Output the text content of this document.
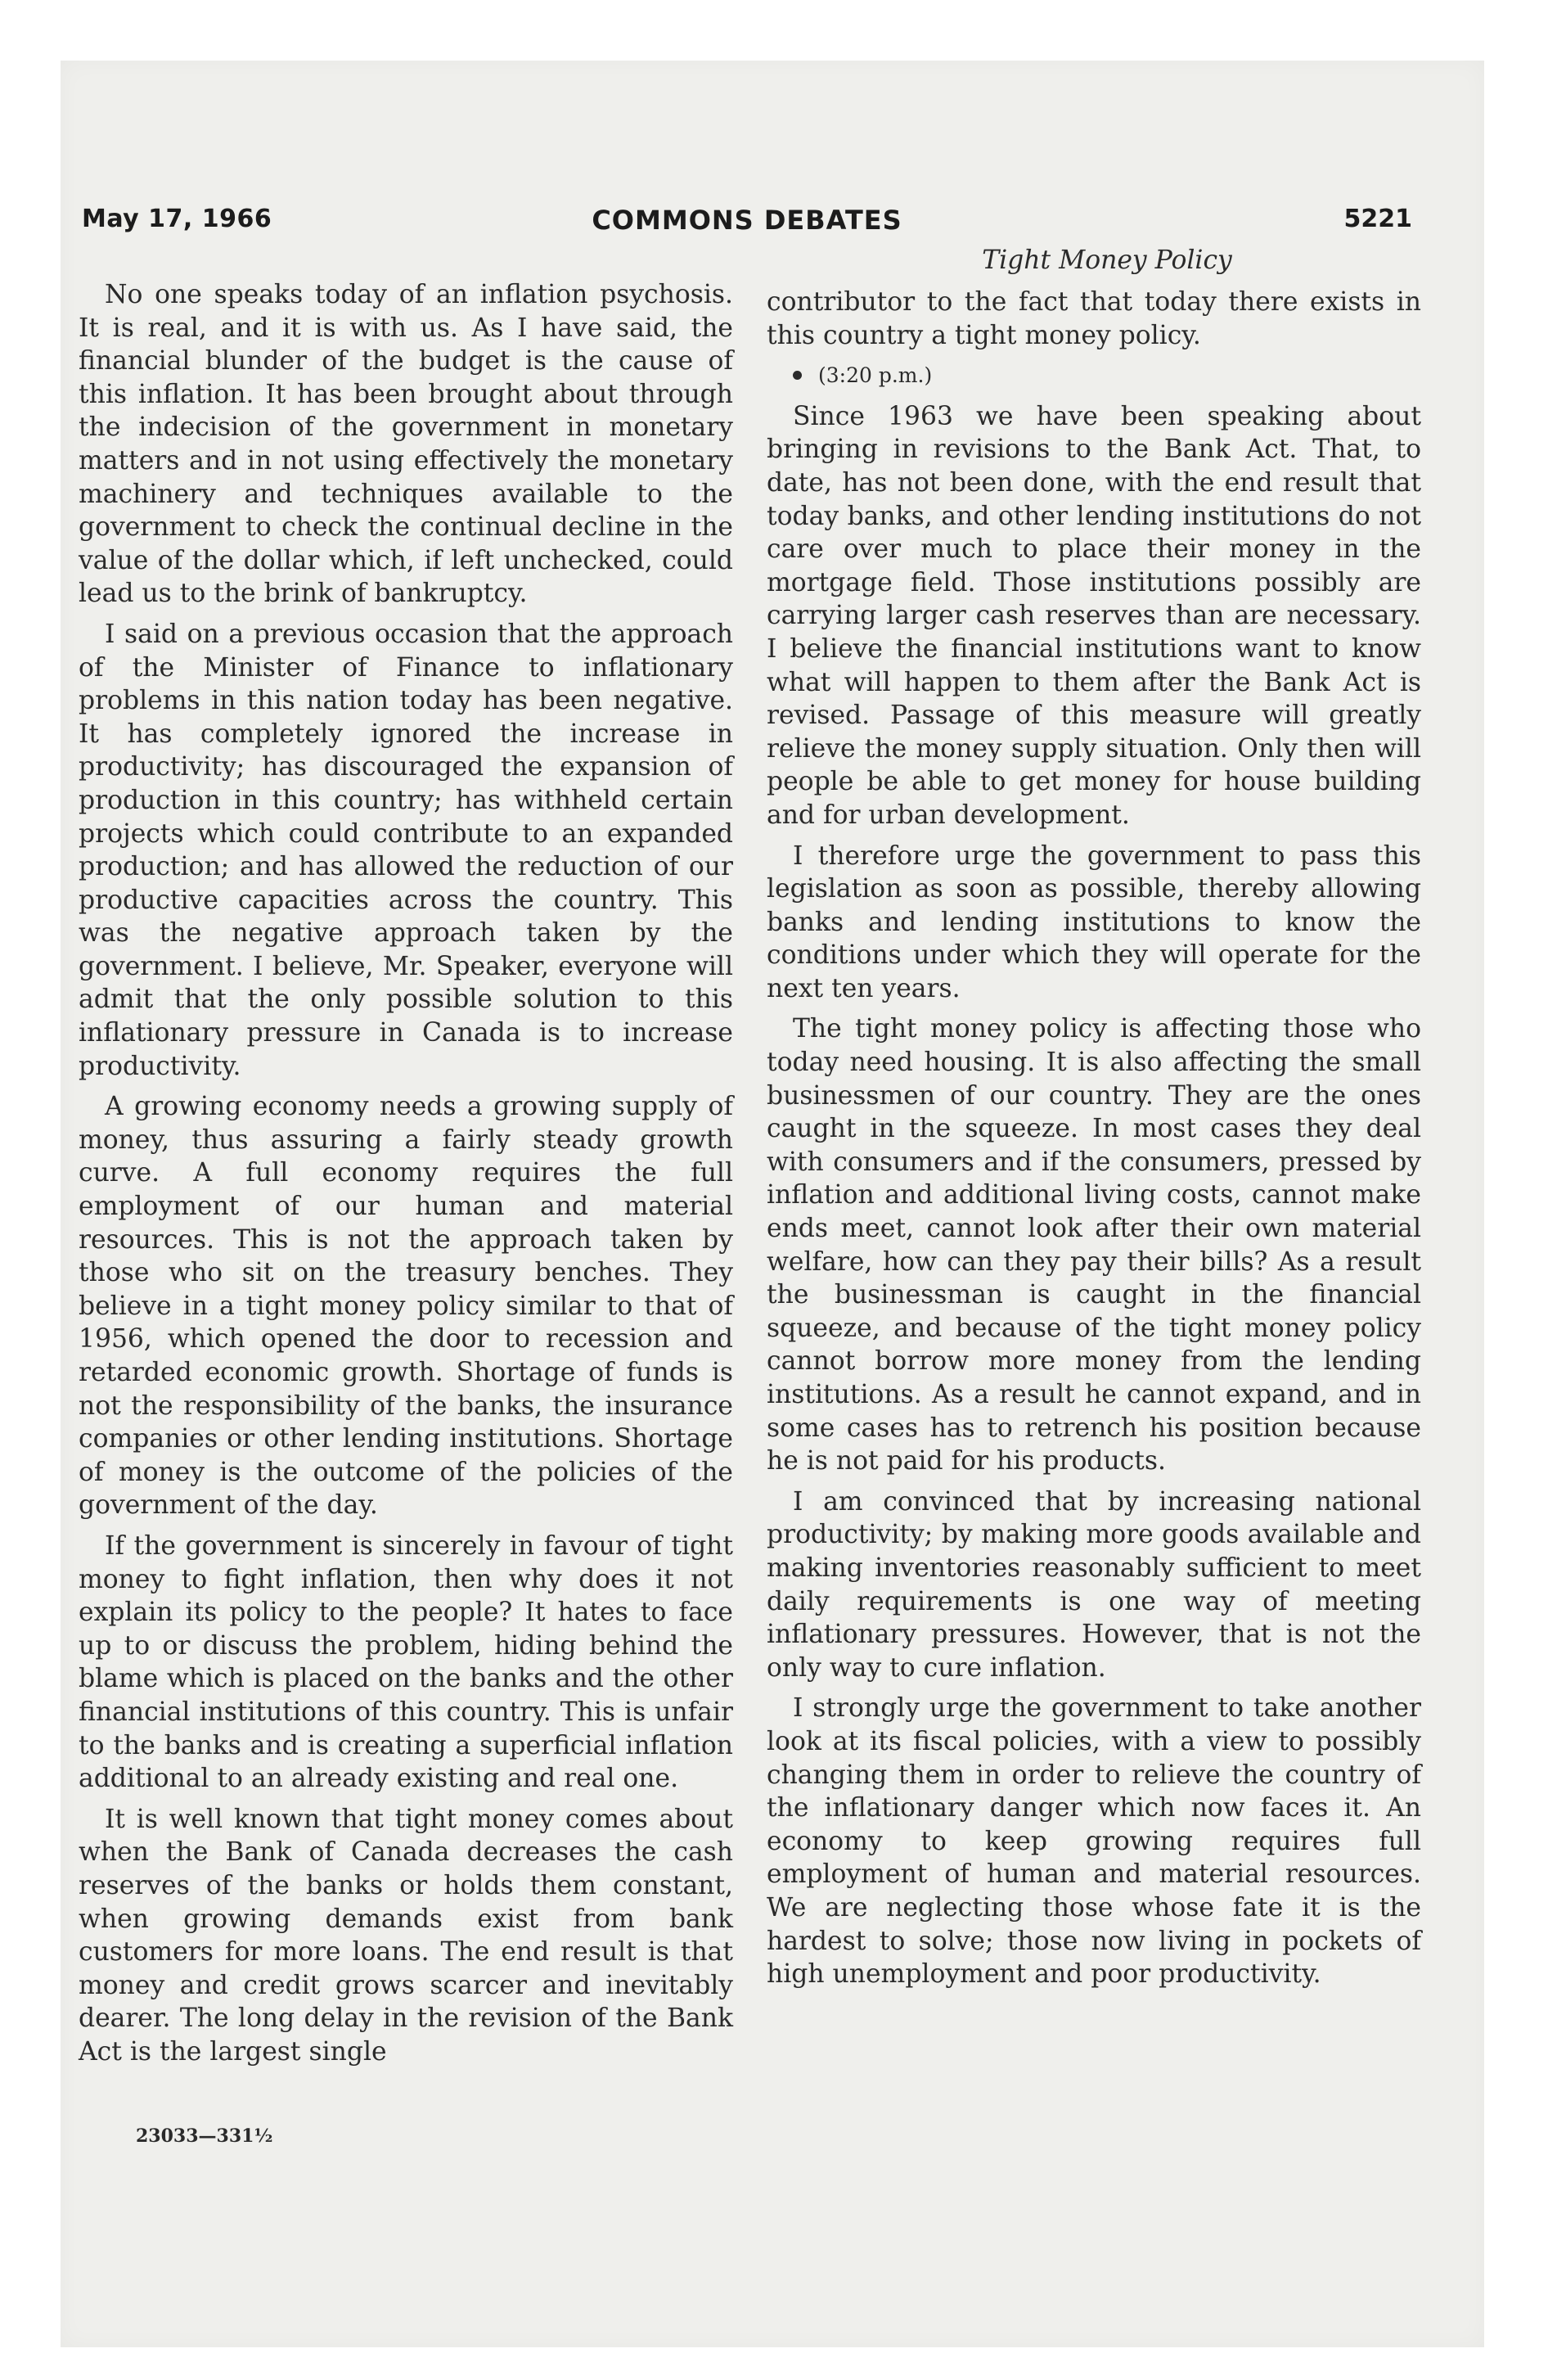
May 17, 1966	COMMONS DEBATES	5221

No one speaks today of an inflation psychosis. It is real, and it is with us. As I have said, the financial blunder of the budget is the cause of this inflation. It has been brought about through the indecision of the government in monetary matters and in not using effectively the monetary machinery and techniques available to the government to check the continual decline in the value of the dollar which, if left unchecked, could lead us to the brink of bankruptcy.

I said on a previous occasion that the approach of the Minister of Finance to inflationary problems in this nation today has been negative. It has completely ignored the increase in productivity; has discouraged the expansion of production in this country; has withheld certain projects which could contribute to an expanded production; and has allowed the reduction of our productive capacities across the country. This was the negative approach taken by the government. I believe, Mr. Speaker, everyone will admit that the only possible solution to this inflationary pressure in Canada is to increase productivity.

A growing economy needs a growing supply of money, thus assuring a fairly steady growth curve. A full economy requires the full employment of our human and material resources. This is not the approach taken by those who sit on the treasury benches. They believe in a tight money policy similar to that of 1956, which opened the door to recession and retarded economic growth. Shortage of funds is not the responsibility of the banks, the insurance companies or other lending institutions. Shortage of money is the outcome of the policies of the government of the day.

If the government is sincerely in favour of tight money to fight inflation, then why does it not explain its policy to the people? It hates to face up to or discuss the problem, hiding behind the blame which is placed on the banks and the other financial institutions of this country. This is unfair to the banks and is creating a superficial inflation additional to an already existing and real one.

It is well known that tight money comes about when the Bank of Canada decreases the cash reserves of the banks or holds them constant, when growing demands exist from bank customers for more loans. The end result is that money and credit grows scarcer and inevitably dearer. The long delay in the revision of the Bank Act is the largest single

Tight Money Policy

contributor to the fact that today there exists in this country a tight money policy.

(3:20 p.m.)

Since 1963 we have been speaking about bringing in revisions to the Bank Act. That, to date, has not been done, with the end result that today banks, and other lending institutions do not care over much to place their money in the mortgage field. Those institutions possibly are carrying larger cash reserves than are necessary. I believe the financial institutions want to know what will happen to them after the Bank Act is revised. Passage of this measure will greatly relieve the money supply situation. Only then will people be able to get money for house building and for urban development.

I therefore urge the government to pass this legislation as soon as possible, thereby allowing banks and lending institutions to know the conditions under which they will operate for the next ten years.

The tight money policy is affecting those who today need housing. It is also affecting the small businessmen of our country. They are the ones caught in the squeeze. In most cases they deal with consumers and if the consumers, pressed by inflation and additional living costs, cannot make ends meet, cannot look after their own material welfare, how can they pay their bills? As a result the businessman is caught in the financial squeeze, and because of the tight money policy cannot borrow more money from the lending institutions. As a result he cannot expand, and in some cases has to retrench his position because he is not paid for his products.

I am convinced that by increasing national productivity; by making more goods available and making inventories reasonably sufficient to meet daily requirements is one way of meeting inflationary pressures. However, that is not the only way to cure inflation.

I strongly urge the government to take another look at its fiscal policies, with a view to possibly changing them in order to relieve the country of the inflationary danger which now faces it. An economy to keep growing requires full employment of human and material resources. We are neglecting those whose fate it is the hardest to solve; those now living in pockets of high unemployment and poor productivity.

23033—331½
